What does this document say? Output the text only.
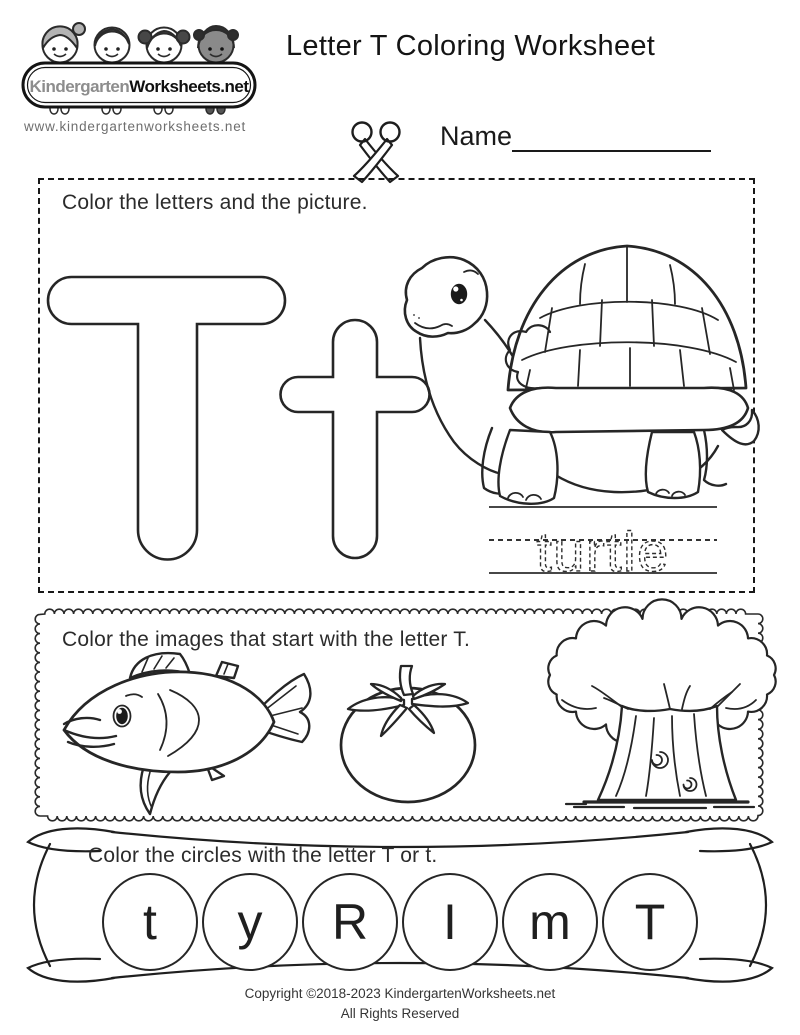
KindergartenWorksheets.net
www.kindergartenworksheets.net
Letter T Coloring Worksheet
Name
Color the letters and the picture.
turtle
Color the images that start with the letter T.
Color the circles with the letter T or t.
t y R I m T
Copyright ©2018-2023 KindergartenWorksheets.net
All Rights Reserved
